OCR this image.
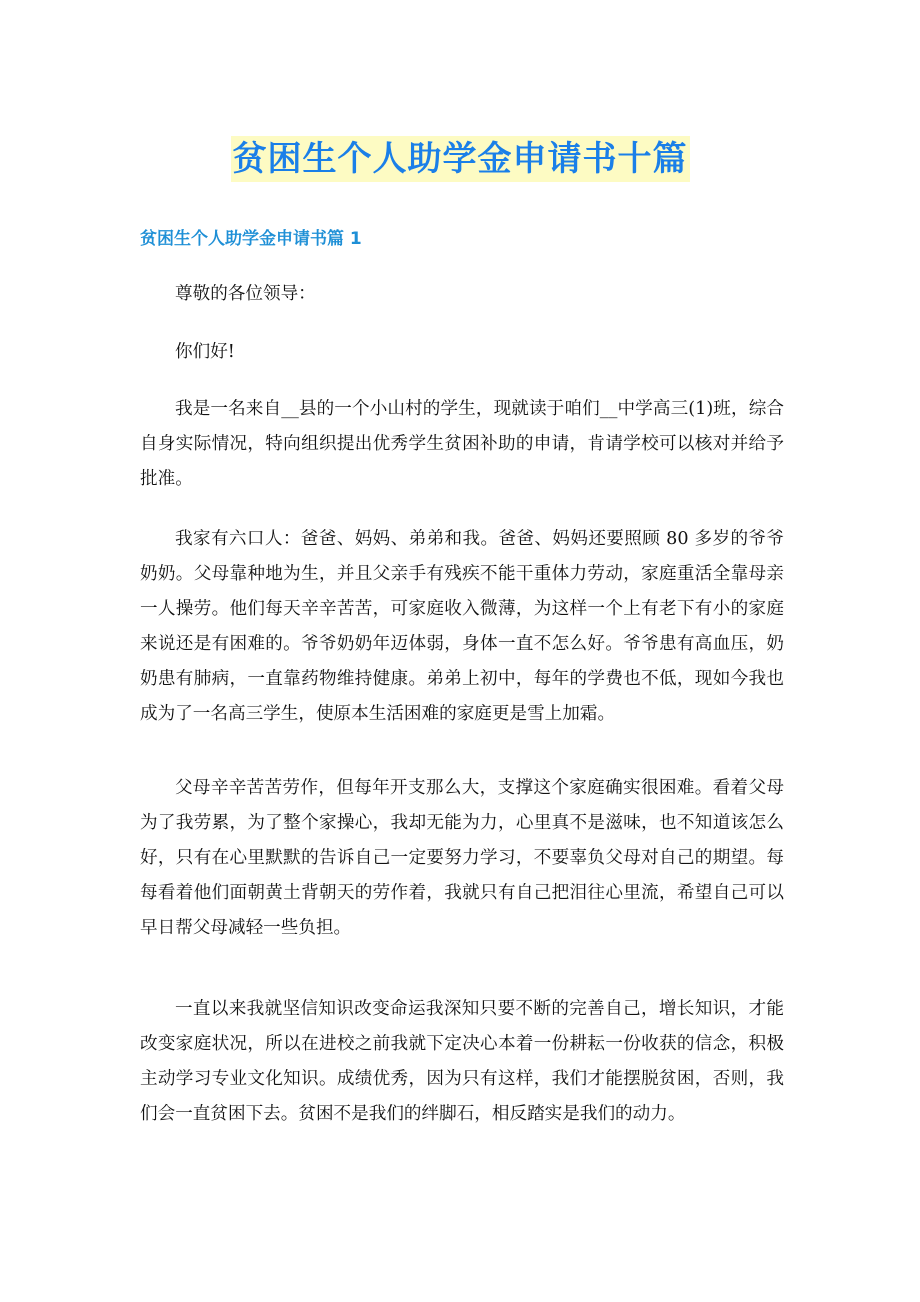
贫困生个人助学金申请书十篇
贫困生个人助学金申请书篇 1

尊敬的各位领导：

你们好!

我是一名来自__县的一个小山村的学生，现就读于咱们__中学高三(1)班，综合自身实际情况，特向组织提出优秀学生贫困补助的申请，肯请学校可以核对并给予批准。

我家有六口人：爸爸、妈妈、弟弟和我。爸爸、妈妈还要照顾 80 多岁的爷爷奶奶。父母靠种地为生，并且父亲手有残疾不能干重体力劳动，家庭重活全靠母亲一人操劳。他们每天辛辛苦苦，可家庭收入微薄，为这样一个上有老下有小的家庭来说还是有困难的。爷爷奶奶年迈体弱，身体一直不怎么好。爷爷患有高血压，奶奶患有肺病，一直靠药物维持健康。弟弟上初中，每年的学费也不低，现如今我也成为了一名高三学生，使原本生活困难的家庭更是雪上加霜。

父母辛辛苦苦劳作，但每年开支那么大，支撑这个家庭确实很困难。看着父母为了我劳累，为了整个家操心，我却无能为力，心里真不是滋味，也不知道该怎么好，只有在心里默默的告诉自己一定要努力学习，不要辜负父母对自己的期望。每每看着他们面朝黄土背朝天的劳作着，我就只有自己把泪往心里流，希望自己可以早日帮父母减轻一些负担。

一直以来我就坚信知识改变命运我深知只要不断的完善自己，增长知识，才能改变家庭状况，所以在进校之前我就下定决心本着一份耕耘一份收获的信念，积极主动学习专业文化知识。成绩优秀，因为只有这样，我们才能摆脱贫困，否则，我们会一直贫困下去。贫困不是我们的绊脚石，相反踏实是我们的动力。
